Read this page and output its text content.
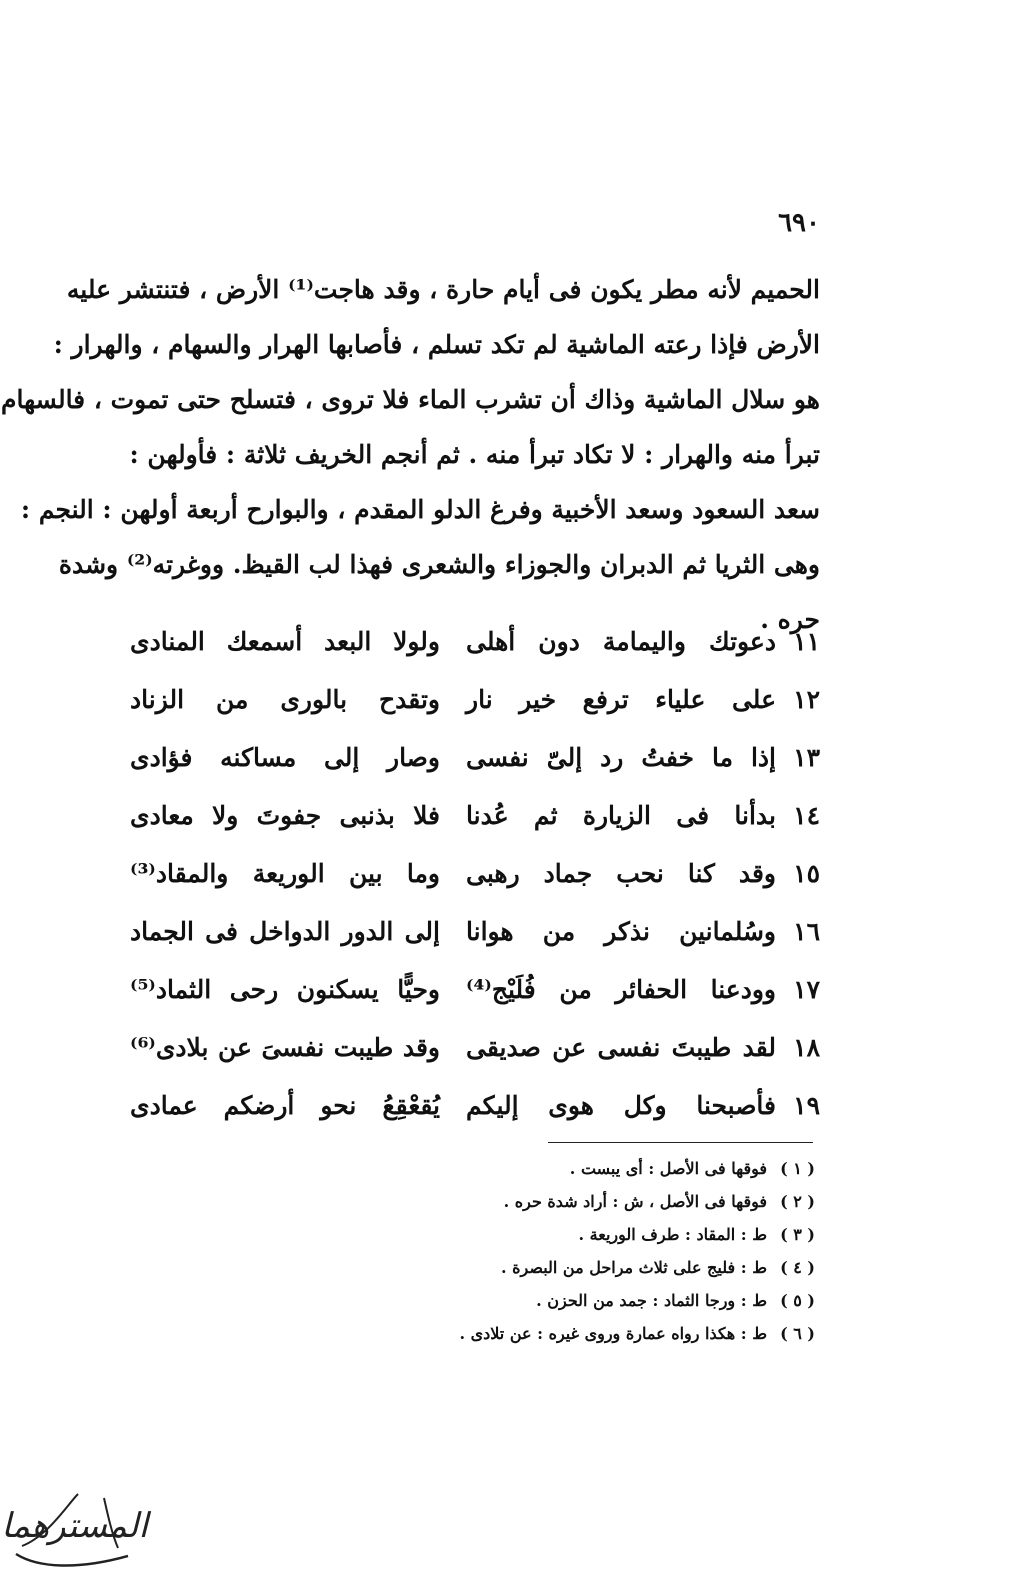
٦٩٠
الحميم لأنه مطر يكون فى أيام حارة ، وقد هاجت⁽¹⁾ الأرض ، فتنتشر عليه
الأرض فإذا رعته الماشية لم تكد تسلم ، فأصابها الهرار والسهام ، والهرار :
هو سلال الماشية وذاك أن تشرب الماء فلا تروى ، فتسلح حتى تموت ، فالسهام
تبرأ منه والهرار : لا تكاد تبرأ منه . ثم أنجم الخريف ثلاثة : فأولهن :
سعد السعود وسعد الأخبية وفرغ الدلو المقدم ، والبوارح أربعة أولهن : النجم :
وهى الثريا ثم الدبران والجوزاء والشعرى فهذا لب القيظ. ووغرته⁽²⁾ وشدة
حره .
١١
دعوتك واليمامة دون أهلى
ولولا البعد أسمعك المنادى
١٢
على علياء ترفع خير نار
وتقدح بالورى من الزناد
١٣
إذا ما خفتُ رد إلىّ نفسى
وصار إلى مساكنه فؤادى
١٤
بدأنا فى الزيارة ثم عُدنا
فلا بذنبى جفوتَ ولا معادى
١٥
وقد كنا نحب جماد رهبى
وما بين الوريعة والمقاد⁽³⁾
١٦
وسُلمانين نذكر من هوانا
إلى الدور الدواخل فى الجماد
١٧
وودعنا الحفائر من فُلَيْج⁽⁴⁾
وحيًّا يسكنون رحى الثماد⁽⁵⁾
١٨
لقد طيبتَ نفسى عن صديقى
وقد طيبت نفسىَ عن بلادى⁽⁶⁾
١٩
فأصبحنا وكل هوى إليكم
يُقعْقِعُ نحو أرضكم عمادى
( ١ )
فوقها فى الأصل : أى يبست .
( ٢ )
فوقها فى الأصل ، ش : أراد شدة حره .
( ٣ )
ط : المقاد : طرف الوريعة .
( ٤ )
ط : فليج على ثلاث مراحل من البصرة .
( ٥ )
ط : ورجا الثماد : جمد من الحزن .
( ٦ )
ط : هكذا رواه عمارة وروى غيره : عن تلادى .
المسترهما
